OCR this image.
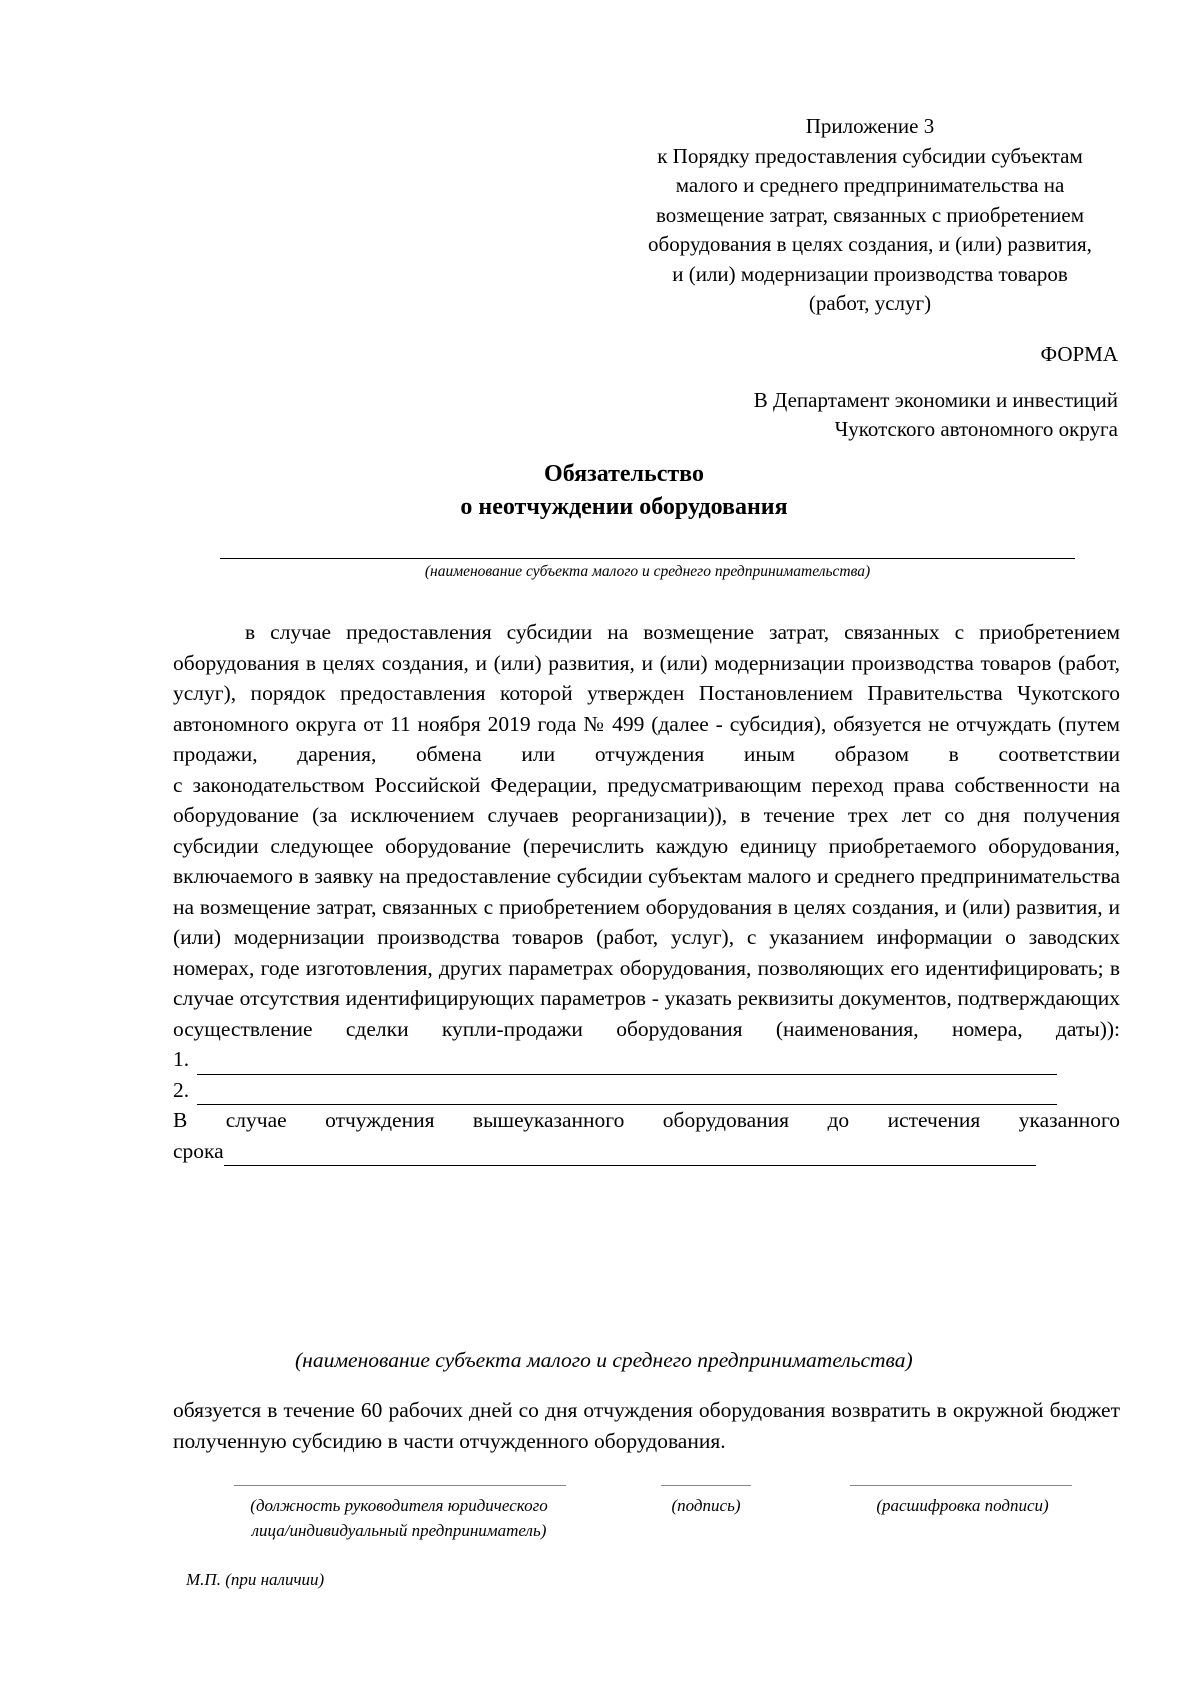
Приложение 3
к Порядку предоставления субсидии субъектам
малого и среднего предпринимательства на
возмещение затрат, связанных с приобретением
оборудования в целях создания, и (или) развития,
и (или) модернизации производства товаров
(работ, услуг)
ФОРМА
В Департамент экономики и инвестиций
Чукотского автономного округа
Обязательство
о неотчуждении оборудования
(наименование субъекта малого и среднего предпринимательства)

в случае предоставления субсидии на возмещение затрат, связанных с приобретением оборудования в целях создания, и (или) развития, и (или) модернизации производства товаров (работ, услуг), порядок предоставления которой утвержден Постановлением Правительства Чукотского автономного округа от 11 ноября 2019 года № 499 (далее - субсидия), обязуется не отчуждать (путем продажи, дарения, обмена или отчуждения иным образом в соответствии

с законодательством Российской Федерации, предусматривающим переход права собственности на оборудование (за исключением случаев реорганизации)), в течение трех лет со дня получения субсидии следующее оборудование (перечислить каждую единицу приобретаемого оборудования, включаемого в заявку на предоставление субсидии субъектам малого и среднего предпринимательства

на возмещение затрат, связанных с приобретением оборудования в целях создания, и (или) развития, и (или) модернизации производства товаров (работ, услуг), с указанием информации о заводских номерах, годе изготовления, других параметрах оборудования, позволяющих его идентифицировать; в случае отсутствия идентифицирующих параметров - указать реквизиты документов, подтверждающих осуществление сделки купли-продажи оборудования (наименования, номера, даты)):

1.
2.

В случае отчуждения вышеуказанного оборудования до истечения указанного

срока
(наименование субъекта малого и среднего предпринимательства)

обязуется в течение 60 рабочих дней со дня отчуждения оборудования возвратить в окружной бюджет полученную субсидию в части отчужденного оборудования.

(должность руководителя юридического
лица/индивидуальный предприниматель)
(подпись)	(расшифровка подписи)
М.П. (при наличии)
